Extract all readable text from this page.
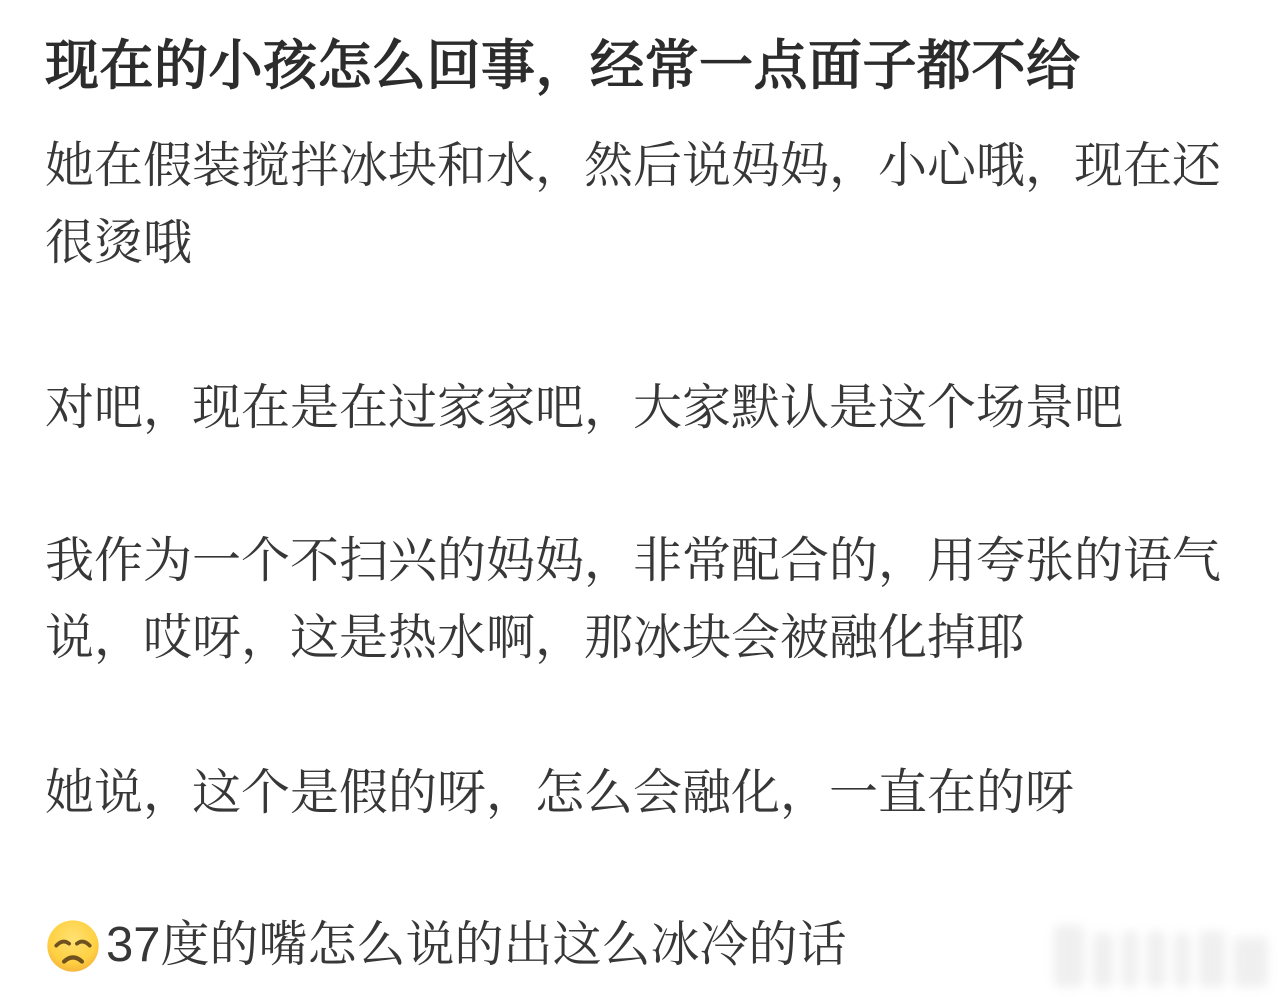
现在的小孩怎么回事，经常一点面子都不给

她在假装搅拌冰块和水，然后说妈妈，小心哦，现在还很烫哦

对吧，现在是在过家家吧，大家默认是这个场景吧

我作为一个不扫兴的妈妈，非常配合的，用夸张的语气说，哎呀，这是热水啊，那冰块会被融化掉耶

她说，这个是假的呀，怎么会融化，一直在的呀

37度的嘴怎么说的出这么冰冷的话
